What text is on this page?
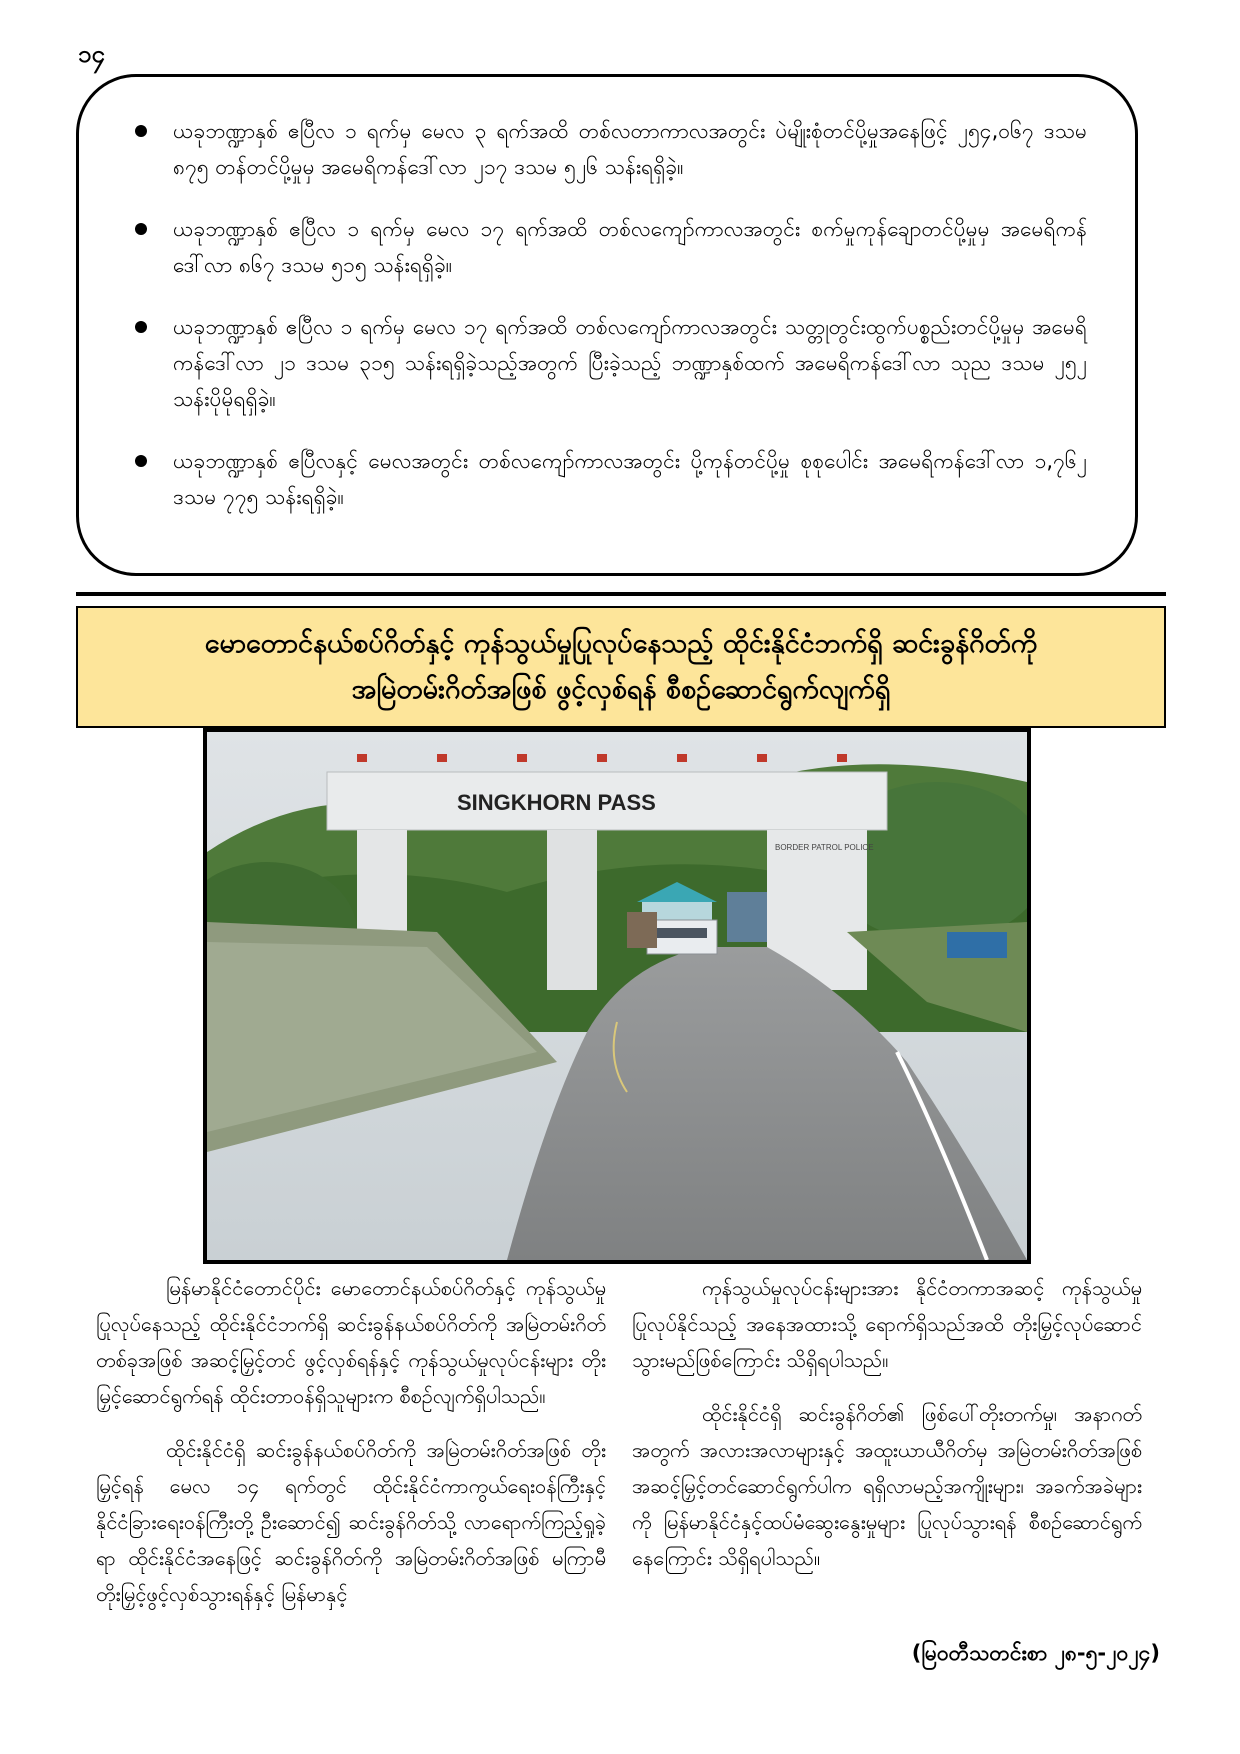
၁၄
ယခုဘဏ္ဍာနှစ် ဧပြီလ ၁ ရက်မှ မေလ ၃ ရက်အထိ တစ်လတာကာလအတွင်း ပဲမျိုးစုံတင်ပို့မှုအနေဖြင့် ၂၅၄,၀၆၇ ဒသမ ၈၇၅ တန်တင်ပို့မှုမှ အမေရိကန်ဒေါ်လာ ၂၁၇ ဒသမ ၅၂၆ သန်းရရှိခဲ့။
ယခုဘဏ္ဍာနှစ် ဧပြီလ ၁ ရက်မှ မေလ ၁၇ ရက်အထိ တစ်လကျော်ကာလအတွင်း စက်မှုကုန်ချောတင်ပို့မှုမှ အမေရိကန်ဒေါ်လာ ၈၆၇ ဒသမ ၅၁၅ သန်းရရှိခဲ့။
ယခုဘဏ္ဍာနှစ် ဧပြီလ ၁ ရက်မှ မေလ ၁၇ ရက်အထိ တစ်လကျော်ကာလအတွင်း သတ္တုတွင်းထွက်ပစ္စည်းတင်ပို့မှုမှ အမေရိကန်ဒေါ်လာ ၂၁ ဒသမ ၃၁၅ သန်းရရှိခဲ့သည့်အတွက် ပြီးခဲ့သည့် ဘဏ္ဍာနှစ်ထက် အမေရိကန်ဒေါ်လာ သုည ဒသမ ၂၅၂ သန်းပိုမိုရရှိခဲ့။
ယခုဘဏ္ဍာနှစ် ဧပြီလနှင့် မေလအတွင်း တစ်လကျော်ကာလအတွင်း ပို့ကုန်တင်ပို့မှု စုစုပေါင်း အမေရိကန်ဒေါ်လာ ၁,၇၆၂ ဒသမ ၇၇၅ သန်းရရှိခဲ့။
မောတောင်နယ်စပ်ဂိတ်နှင့် ကုန်သွယ်မှုပြုလုပ်နေသည့် ထိုင်းနိုင်ငံဘက်ရှိ ဆင်းခွန်ဂိတ်ကို
အမြဲတမ်းဂိတ်အဖြစ် ဖွင့်လှစ်ရန် စီစဉ်ဆောင်ရွက်လျက်ရှိ
SINGKHORN PASS
BORDER PATROL POLICE

မြန်မာနိုင်ငံတောင်ပိုင်း မောတောင်နယ်စပ်ဂိတ်နှင့် ကုန်သွယ်မှုပြုလုပ်နေသည့် ထိုင်းနိုင်ငံဘက်ရှိ ဆင်းခွန်နယ်စပ်ဂိတ်ကို အမြဲတမ်းဂိတ်တစ်ခုအဖြစ် အဆင့်မြှင့်တင် ဖွင့်လှစ်ရန်နှင့် ကုန်သွယ်မှုလုပ်ငန်းများ တိုးမြှင့်ဆောင်ရွက်ရန် ထိုင်းတာဝန်ရှိသူများက စီစဉ်လျက်ရှိပါသည်။

ထိုင်းနိုင်ငံရှိ ဆင်းခွန်နယ်စပ်ဂိတ်ကို အမြဲတမ်းဂိတ်အဖြစ် တိုးမြှင့်ရန် မေလ ၁၄ ရက်တွင် ထိုင်းနိုင်ငံကာကွယ်ရေးဝန်ကြီးနှင့် နိုင်ငံခြားရေးဝန်ကြီးတို့ ဦးဆောင်၍ ဆင်းခွန်ဂိတ်သို့ လာရောက်ကြည့်ရှုခဲ့ရာ ထိုင်းနိုင်ငံအနေဖြင့် ဆင်းခွန်ဂိတ်ကို အမြဲတမ်းဂိတ်အဖြစ် မကြာမီ တိုးမြှင့်ဖွင့်လှစ်သွားရန်နှင့် မြန်မာနှင့်

ကုန်သွယ်မှုလုပ်ငန်းများအား နိုင်ငံတကာအဆင့် ကုန်သွယ်မှုပြုလုပ်နိုင်သည့် အနေအထားသို့ ရောက်ရှိသည်အထိ တိုးမြှင့်လုပ်ဆောင်သွားမည်ဖြစ်ကြောင်း သိရှိရပါသည်။

ထိုင်းနိုင်ငံရှိ ဆင်းခွန်ဂိတ်၏ ဖြစ်ပေါ်တိုးတက်မှု၊ အနာဂတ်အတွက် အလားအလာများနှင့် အထူးယာယီဂိတ်မှ အမြဲတမ်းဂိတ်အဖြစ် အဆင့်မြှင့်တင်ဆောင်ရွက်ပါက ရရှိလာမည့်အကျိုးများ၊ အခက်အခဲများကို မြန်မာနိုင်ငံနှင့်ထပ်မံဆွေးနွေးမှုများ ပြုလုပ်သွားရန် စီစဉ်ဆောင်ရွက်နေကြောင်း သိရှိရပါသည်။

(မြဝတီသတင်းစာ ၂၈-၅-၂၀၂၄)
